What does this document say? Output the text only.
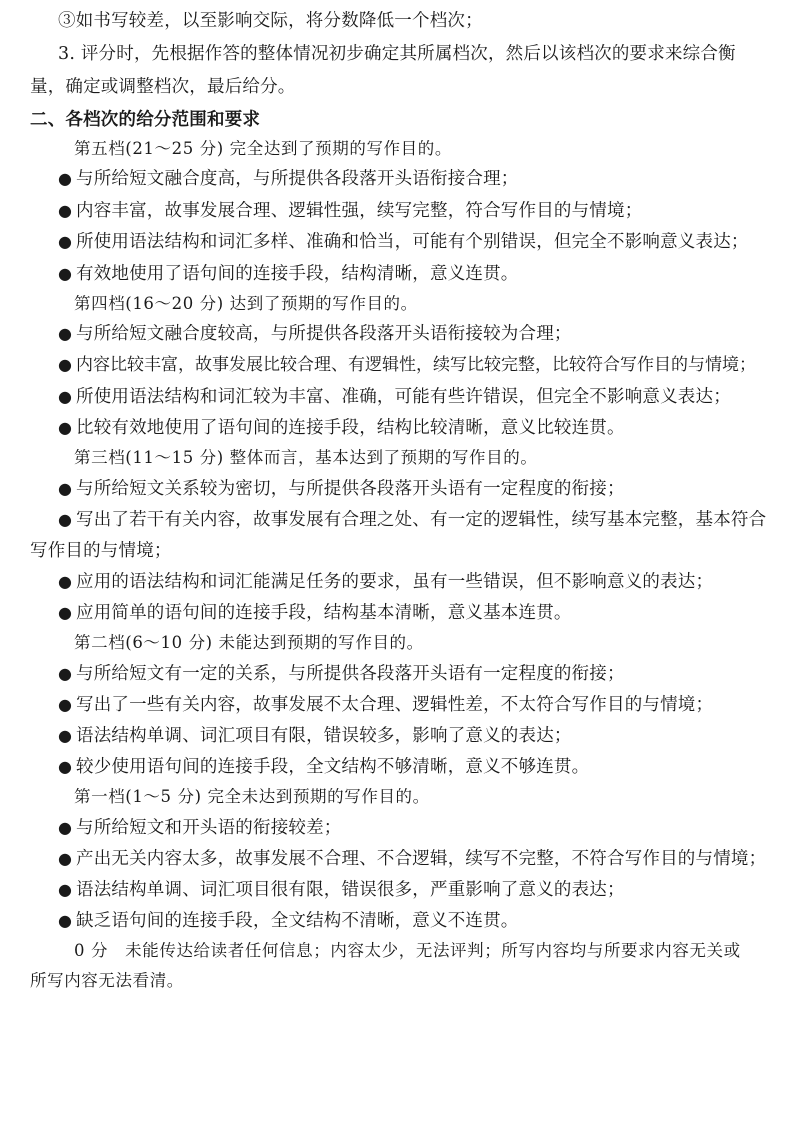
③如书写较差，以至影响交际，将分数降低一个档次；
3. 评分时，先根据作答的整体情况初步确定其所属档次，然后以该档次的要求来综合衡
量，确定或调整档次，最后给分。
二、各档次的给分范围和要求
第五档(21～25 分) 完全达到了预期的写作目的。
● 与所给短文融合度高，与所提供各段落开头语衔接合理；
● 内容丰富，故事发展合理、逻辑性强，续写完整，符合写作目的与情境；
● 所使用语法结构和词汇多样、准确和恰当，可能有个别错误，但完全不影响意义表达；
● 有效地使用了语句间的连接手段，结构清晰，意义连贯。
第四档(16～20 分) 达到了预期的写作目的。
● 与所给短文融合度较高，与所提供各段落开头语衔接较为合理；
● 内容比较丰富，故事发展比较合理、有逻辑性，续写比较完整，比较符合写作目的与情境；
● 所使用语法结构和词汇较为丰富、准确，可能有些许错误，但完全不影响意义表达；
● 比较有效地使用了语句间的连接手段，结构比较清晰，意义比较连贯。
第三档(11～15 分) 整体而言，基本达到了预期的写作目的。
● 与所给短文关系较为密切，与所提供各段落开头语有一定程度的衔接；
● 写出了若干有关内容，故事发展有合理之处、有一定的逻辑性，续写基本完整，基本符合
写作目的与情境；
● 应用的语法结构和词汇能满足任务的要求，虽有一些错误，但不影响意义的表达；
● 应用简单的语句间的连接手段，结构基本清晰，意义基本连贯。
第二档(6～10 分) 未能达到预期的写作目的。
● 与所给短文有一定的关系，与所提供各段落开头语有一定程度的衔接；
● 写出了一些有关内容，故事发展不太合理、逻辑性差，不太符合写作目的与情境；
● 语法结构单调、词汇项目有限，错误较多，影响了意义的表达；
● 较少使用语句间的连接手段，全文结构不够清晰，意义不够连贯。
第一档(1～5 分) 完全未达到预期的写作目的。
● 与所给短文和开头语的衔接较差；
● 产出无关内容太多，故事发展不合理、不合逻辑，续写不完整，不符合写作目的与情境；
● 语法结构单调、词汇项目很有限，错误很多，严重影响了意义的表达；
● 缺乏语句间的连接手段，全文结构不清晰，意义不连贯。
0 分　未能传达给读者任何信息；内容太少，无法评判；所写内容均与所要求内容无关或
所写内容无法看清。
